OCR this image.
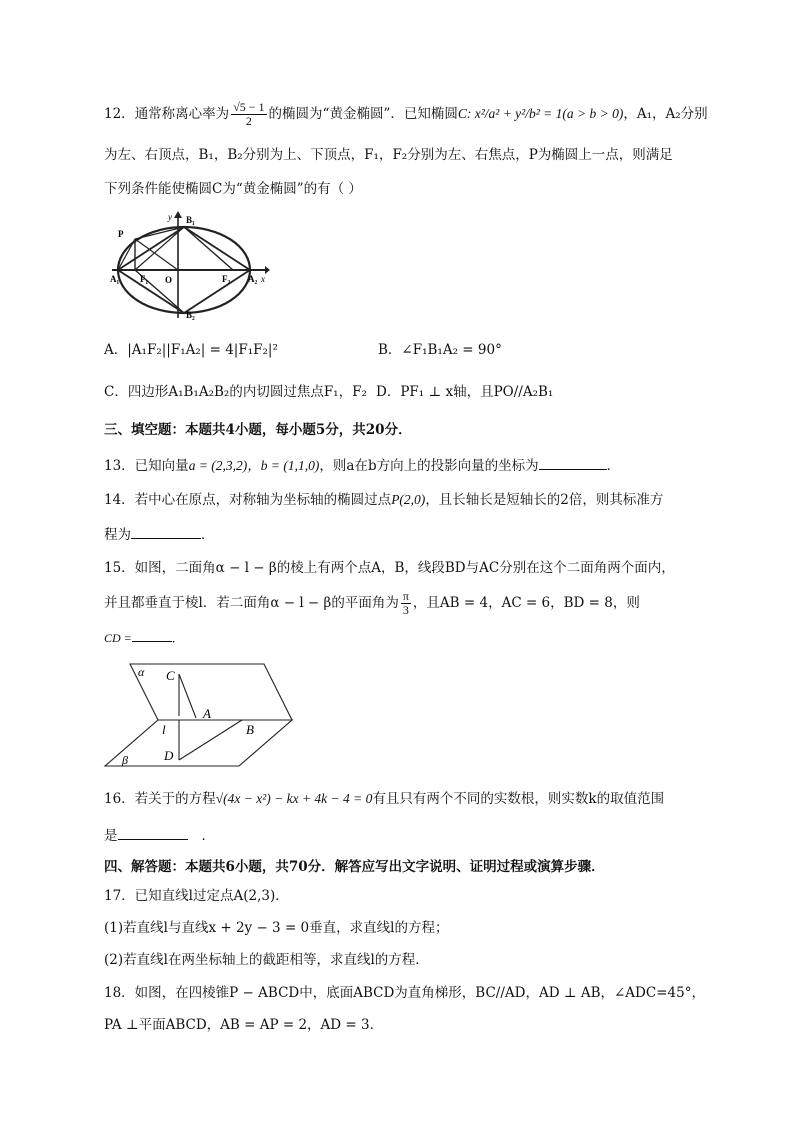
12．通常称离心率为 $\frac{√5 - 1}{2}$ 的椭圆为“黄金椭圆”．已知椭圆C: x²/a² + y²/b² = 1(a > b > 0)，A₁，A₂分别
为左、右顶点，B₁，B₂分别为上、下顶点，F₁，F₂分别为左、右焦点，P为椭圆上一点，则满足
下列条件能使椭圆C为“黄金椭圆”的有（ ）
y B₁
P
A₁ F₁ O	F₂ A₂ x
B₂
A．|A₁F₂||F₁A₂| = 4|F₁F₂|²	B．∠F₁B₁A₂ = 90°
C．四边形A₁B₁A₂B₂的内切圆过焦点F₁，F₂ D．PF₁ ⊥ x轴，且PO//A₂B₁
三、填空题：本题共4小题，每小题5分，共20分．
13．已知向量a = (2,3,2)，b = (1,1,0)，则a在b方向上的投影向量的坐标为	．
14．若中心在原点，对称轴为坐标轴的椭圆过点P(2,0)，且长轴长是短轴长的2倍，则其标准方
程为	．
15．如图，二面角α − l − β的棱上有两个点A，B，线段BD与AC分别在这个二面角两个面内，
并且都垂直于棱l．若二面角α − l − β的平面角为 $\frac{\pi}{3}$ ，且AB = 4，AC = 6，BD = 8，则
CD =	．
α C
A
l	B
D
β
16．若关于的方程√(4x − x²) − kx + 4k − 4 = 0有且只有两个不同的实数根，则实数k的取值范围
是	．
四、解答题：本题共6小题，共70分．解答应写出文字说明、证明过程或演算步骤．
17．已知直线l过定点A(2,3)．
(1)若直线l与直线x + 2y − 3 = 0垂直，求直线l的方程；
(2)若直线l在两坐标轴上的截距相等，求直线l的方程．
18．如图，在四棱锥P − ABCD中，底面ABCD为直角梯形，BC//AD，AD ⊥ AB，∠ADC=45°，
PA ⊥平面ABCD，AB = AP = 2，AD = 3．
